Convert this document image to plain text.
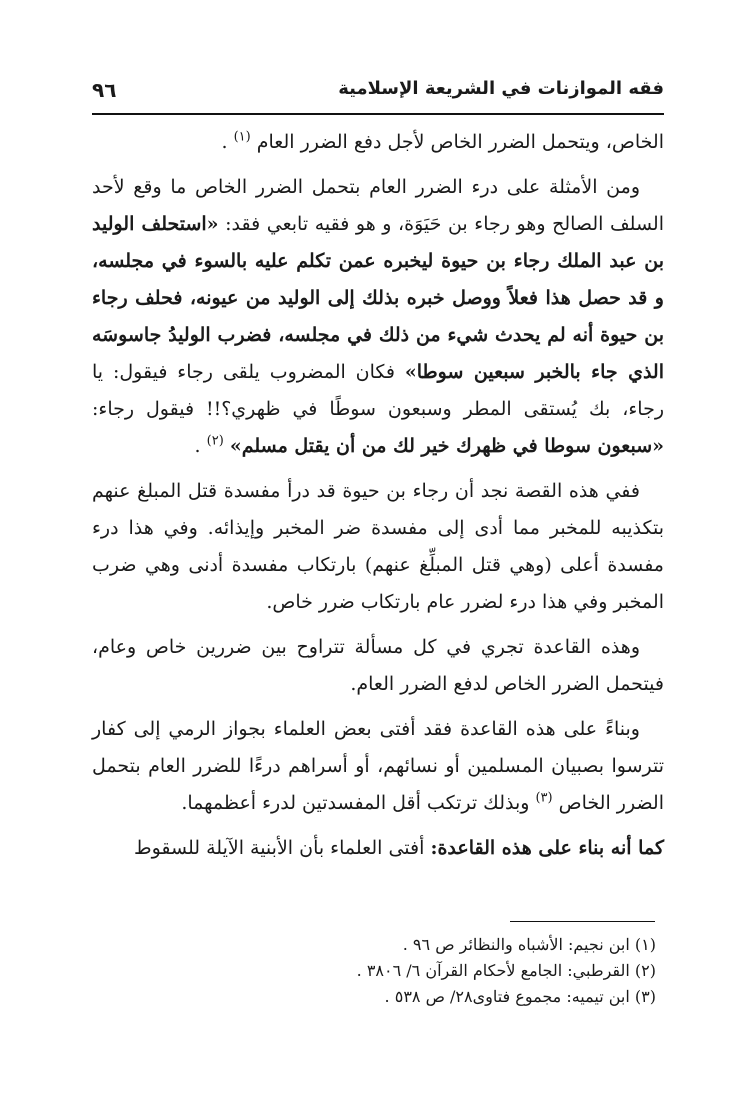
فقه الموازنات في الشريعة الإسلامية
٩٦

الخاص، ويتحمل الضرر الخاص لأجل دفع الضرر العام $^{(١)}$ .

ومن الأمثلة على درء الضرر العام بتحمل الضرر الخاص ما وقع لأحد السلف الصالح وهو رجاء بن حَيَوَة، و هو فقيه تابعي فقد: «استحلف الوليد بن عبد الملك رجاء بن حيوة ليخبره عمن تكلم عليه بالسوء في مجلسه، و قد حصل هذا فعلاً ووصل خبره بذلك إلى الوليد من عيونه، فحلف رجاء بن حيوة أنه لم يحدث شيء من ذلك في مجلسه، فضرب الوليدُ جاسوسَه الذي جاء بالخبر سبعين سوطا» فكان المضروب يلقى رجاء فيقول: يا رجاء، بك يُستقى المطر وسبعون سوطًا في ظهري؟!! فيقول رجاء: «سبعون سوطا في ظهرك خير لك من أن يقتل مسلم» $^{(٢)}$ .

ففي هذه القصة نجد أن رجاء بن حيوة قد درأ مفسدة قتل المبلغ عنهم بتكذيبه للمخبر مما أدى إلى مفسدة ضر المخبر وإيذائه. وفي هذا درء مفسدة أعلى (وهي قتل المبلِّغ عنهم) بارتكاب مفسدة أدنى وهي ضرب المخبر وفي هذا درء لضرر عام بارتكاب ضرر خاص.

وهذه القاعدة تجري في كل مسألة تتراوح بين ضررين خاص وعام، فيتحمل الضرر الخاص لدفع الضرر العام.

وبناءً على هذه القاعدة فقد أفتى بعض العلماء بجواز الرمي إلى كفار تترسوا بصبيان المسلمين أو نسائهم، أو أسراهم درءًا للضرر العام بتحمل الضرر الخاص $^{(٣)}$ وبذلك ترتكب أقل المفسدتين لدرء أعظمهما.

كما أنه بناء على هذه القاعدة: أفتى العلماء بأن الأبنية الآيلة للسقوط

(١) ابن نجيم: الأشباه والنظائر ص ٩٦ .
(٢) القرطبي: الجامع لأحكام القرآن ٦/ ٣٨٠٦ .
(٣) ابن تيميه: مجموع فتاوى٢٨/ ص ٥٣٨ .
